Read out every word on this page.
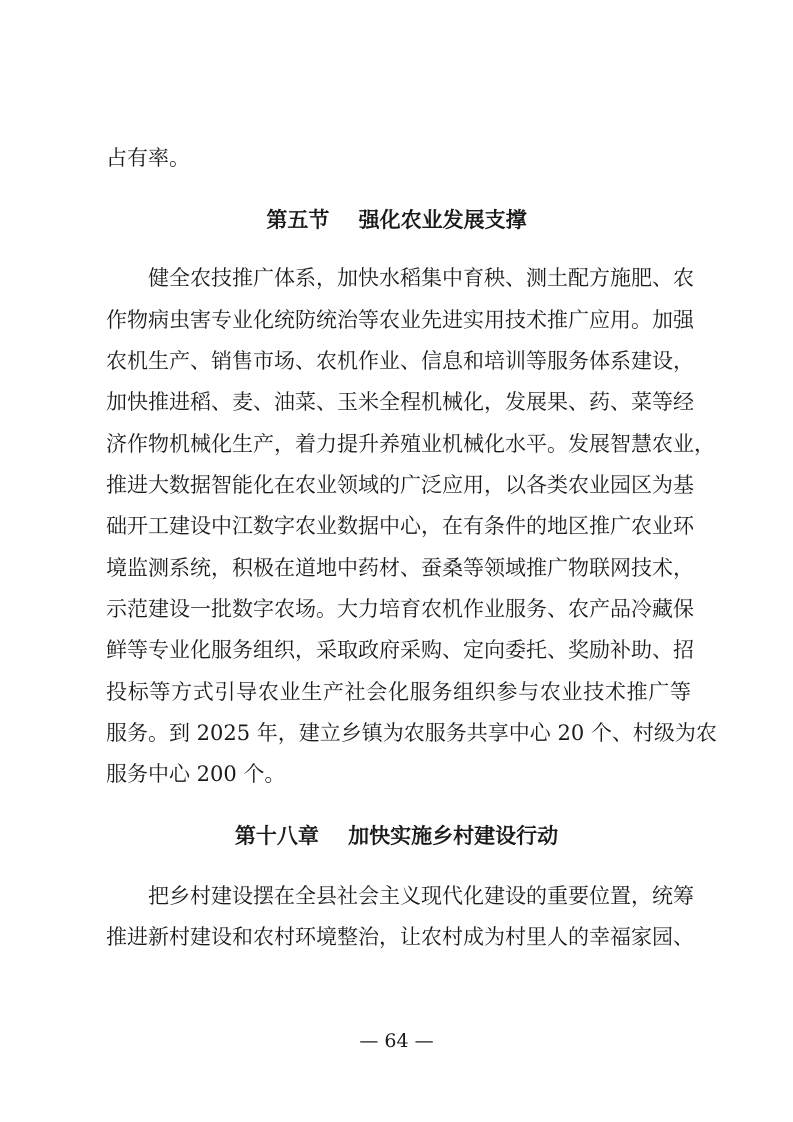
占有率。
第五节    强化农业发展支撑
健全农技推广体系，加快水稻集中育秧、测土配方施肥、农
作物病虫害专业化统防统治等农业先进实用技术推广应用。加强
农机生产、销售市场、农机作业、信息和培训等服务体系建设，
加快推进稻、麦、油菜、玉米全程机械化，发展果、药、菜等经
济作物机械化生产，着力提升养殖业机械化水平。发展智慧农业，
推进大数据智能化在农业领域的广泛应用，以各类农业园区为基
础开工建设中江数字农业数据中心，在有条件的地区推广农业环
境监测系统，积极在道地中药材、蚕桑等领域推广物联网技术，
示范建设一批数字农场。大力培育农机作业服务、农产品冷藏保
鲜等专业化服务组织，采取政府采购、定向委托、奖励补助、招
投标等方式引导农业生产社会化服务组织参与农业技术推广等
服务。到 2025 年，建立乡镇为农服务共享中心 20 个、村级为农
服务中心 200 个。
第十八章    加快实施乡村建设行动
把乡村建设摆在全县社会主义现代化建设的重要位置，统筹
推进新村建设和农村环境整治，让农村成为村里人的幸福家园、
— 64 —
